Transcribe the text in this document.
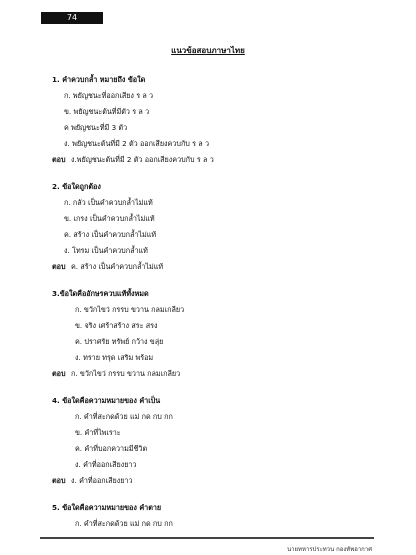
74
แนวข้อสอบภาษาไทย
1. คำควบกล้ำ หมายถึง ข้อใด
ก. พยัญชนะที่ออกเสียง ร ล ว
ข. พยัญชนะต้นที่มีตัว ร ล ว
ค พยัญชนะที่มี 3 ตัว
ง. พยัญชนะต้นที่มี 2 ตัว ออกเสียงควบกับ ร ล ว
ตอบ ง.พยัญชนะต้นที่มี 2 ตัว ออกเสียงควบกับ ร ล ว
2. ข้อใดถูกต้อง
ก. กลัว เป็นคำควบกล้ำไม่แท้
ข. เกรง เป็นคำควบกล้ำไม่แท้
ค. สร้าง เป็นคำควบกล้ำไม่แท้
ง. โทรม เป็นคำควบกล้ำแท้
ตอบ ค. สร้าง เป็นคำควบกล้ำไม่แท้
3.ข้อใดคืออักษรควบแท้ทั้งหมด
ก. ขวักไขว่ กรรบ ขวาน กลมเกลียว
ข. จริง เศร้าสร้าง สระ สรง
ค. ปราศรัย ทรัพย์ กว้าง ขลุ่ย
ง. ทราย ทรุด เสริม พร้อม
ตอบ ก. ขวักไขว่ กรรบ ขวาน กลมเกลียว
4. ข้อใดคือความหมายของ คำเป็น
ก. คำที่สะกดด้วย แม่ กด กบ กก
ข. คำที่ไพเราะ
ค. คำที่บอกความมีชีวิต
ง. คำที่ออกเสียงยาว
ตอบ ง. คำที่ออกเสียงยาว
5. ข้อใดคือความหมายของ คำตาย
ก. คำที่สะกดด้วย แม่ กด กบ กก
นายทหารประทวน กองทัพอากาศ
